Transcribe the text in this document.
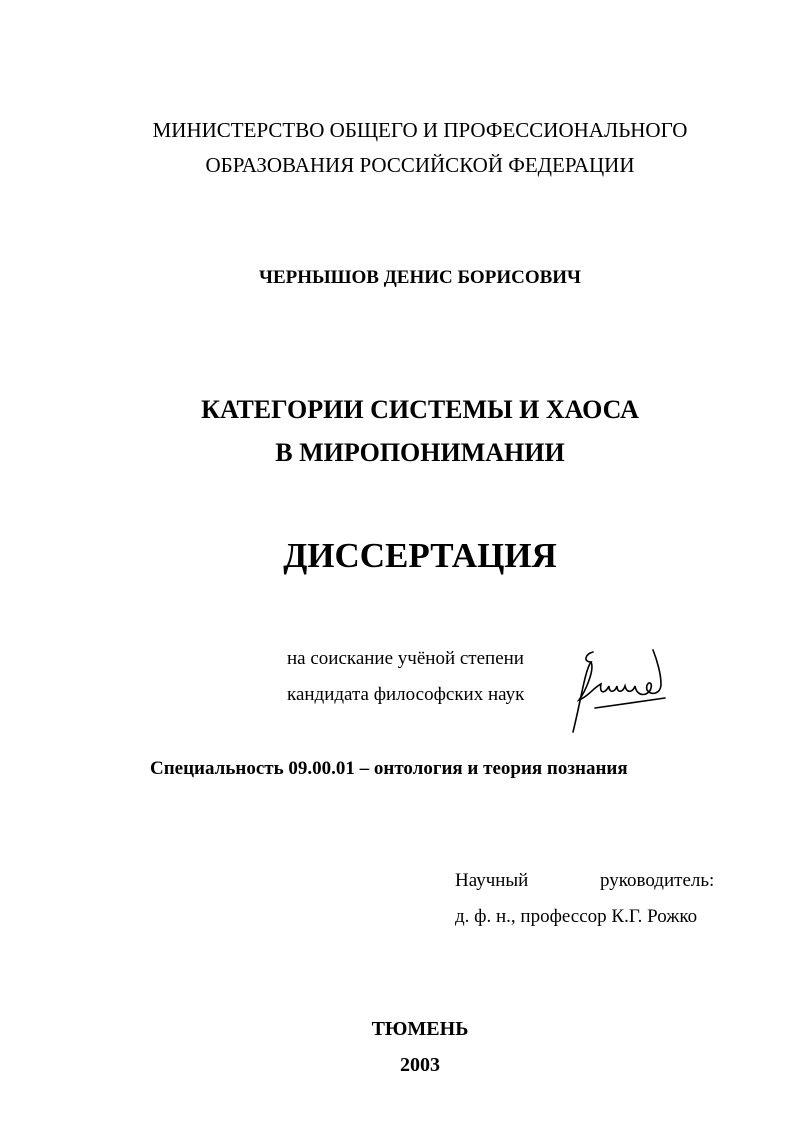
МИНИСТЕРСТВО ОБЩЕГО И ПРОФЕССИОНАЛЬНОГО
ОБРАЗОВАНИЯ РОССИЙСКОЙ ФЕДЕРАЦИИ
ЧЕРНЫШОВ ДЕНИС БОРИСОВИЧ
КАТЕГОРИИ СИСТЕМЫ И ХАОСА
В МИРОПОНИМАНИИ
ДИССЕРТАЦИЯ
на соискание учёной степени
кандидата философских наук
Специальность 09.00.01 – онтология и теория познания
Научный	руководитель:
д. ф. н., профессор К.Г. Рожко
ТЮМЕНЬ
2003
